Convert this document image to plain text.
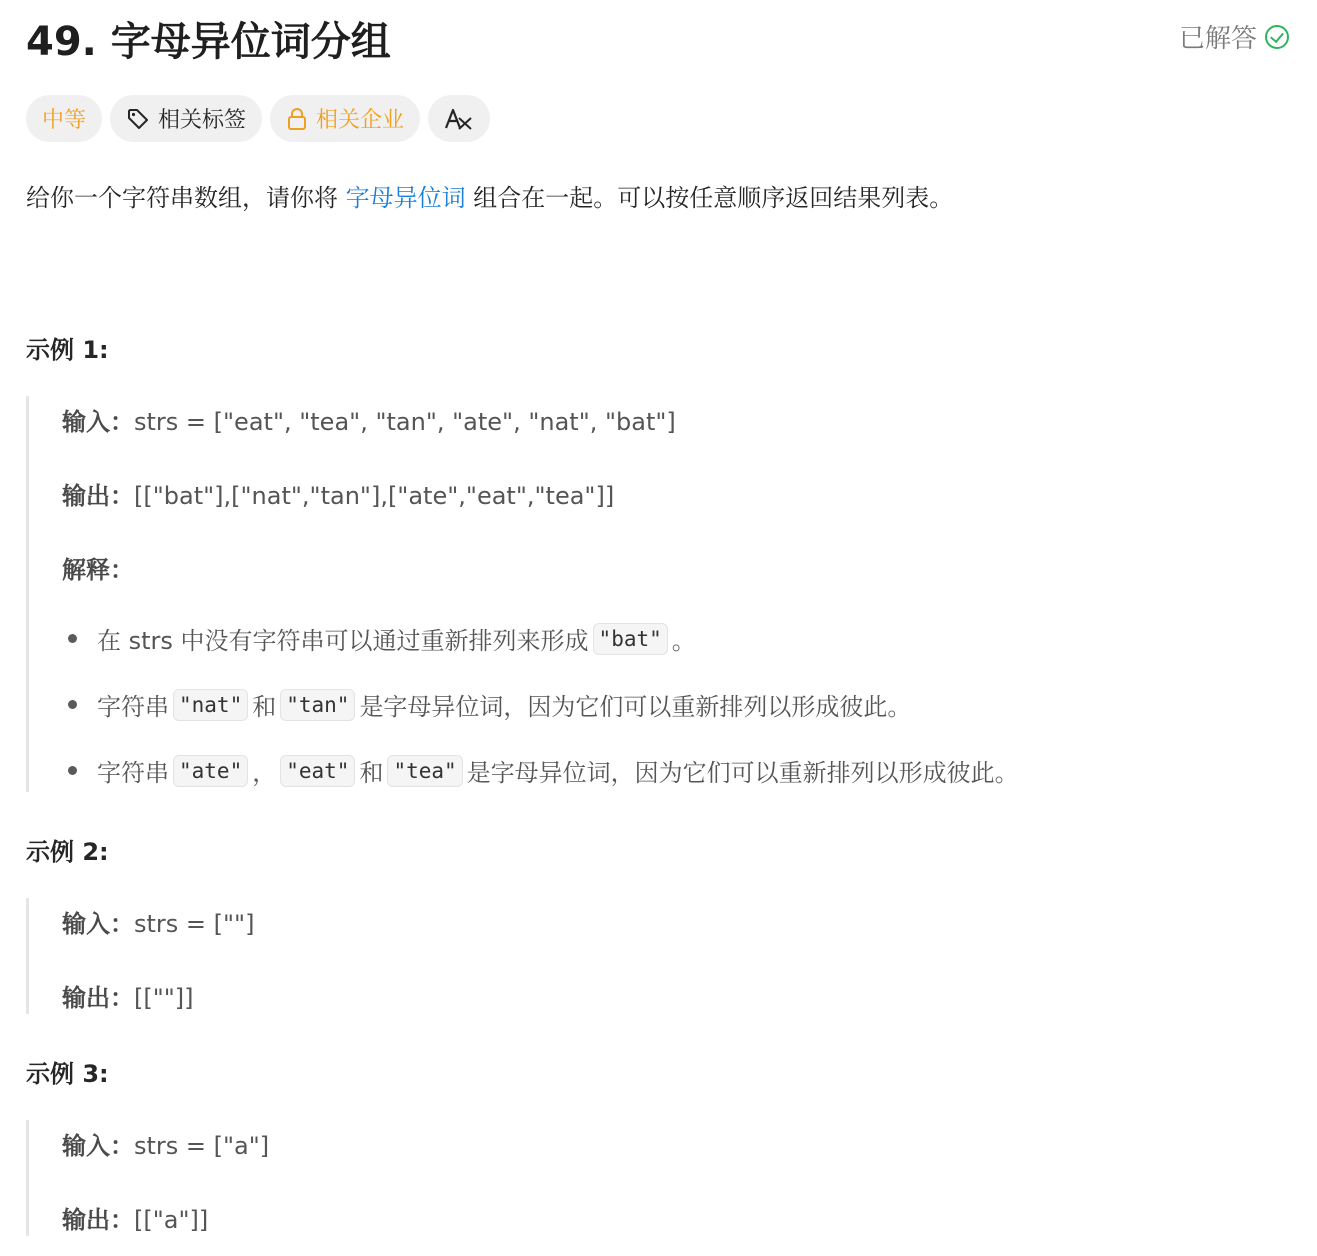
49. 字母异位词分组	已解答
中等	相关标签	相关企业
给你一个字符串数组，请你将 字母异位词 组合在一起。可以按任意顺序返回结果列表。
示例 1:
输入：strs = ["eat", "tea", "tan", "ate", "nat", "bat"]
输出：[["bat"],["nat","tan"],["ate","eat","tea"]]
解释：
在 strs 中没有字符串可以通过重新排列来形成 "bat" 。
字符串 "nat" 和 "tan" 是字母异位词，因为它们可以重新排列以形成彼此。
字符串 "ate" ， "eat" 和 "tea" 是字母异位词，因为它们可以重新排列以形成彼此。
示例 2:
输入：strs = [""]
输出：[[""]]
示例 3:
输入：strs = ["a"]
输出：[["a"]]
